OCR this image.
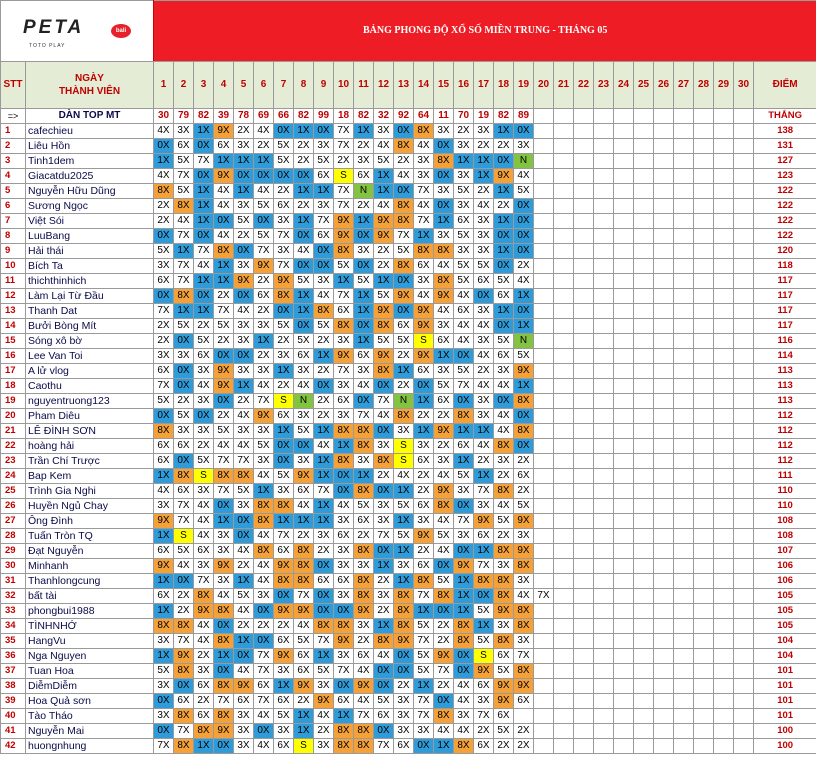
PETA bali
TOTO PLAY		BẢNG PHONG ĐỘ XỔ SỐ MIỀN TRUNG - THÁNG 05																														
STT	NGÀY
THÀNH VIÊN	1	2	3	4	5	6	7	8	9	10	11	12	13	14	15	16	17	18	19	20	21	22	23	24	25	26	27	28	29	30	ĐIỂM
=>	DÀN TOP MT	30	79	82	39	78	69	66	82	99	18	82	32	92	64	11	70	19	82	89												THẮNG
1	cafechieu	4X	3X	1X	9X	2X	4X	0X	1X	0X	7X	1X	3X	0X	8X	3X	2X	3X	1X	0X												138
2	Liêu Hồn	0X	6X	0X	6X	3X	2X	5X	2X	3X	7X	2X	4X	8X	4X	0X	3X	2X	2X	3X												131
3	Tinh1dem	1X	5X	7X	1X	1X	1X	5X	2X	5X	2X	3X	5X	2X	3X	8X	1X	1X	0X	N												127
4	Giacatdu2025	4X	7X	0X	9X	0X	0X	0X	0X	6X	S	6X	1X	4X	3X	0X	3X	1X	9X	4X												123
5	Nguyễn Hữu Dũng	8X	5X	1X	4X	1X	4X	2X	1X	1X	7X	N	1X	0X	7X	3X	5X	2X	1X	5X												122
6	Sương Ngọc	2X	8X	1X	4X	3X	5X	6X	2X	3X	7X	2X	4X	8X	4X	0X	3X	4X	2X	0X												122
7	Việt Sói	2X	4X	1X	0X	5X	0X	3X	1X	7X	9X	1X	9X	8X	7X	1X	6X	3X	1X	0X												122
8	LuuBang	0X	7X	0X	4X	2X	5X	7X	0X	6X	9X	0X	9X	7X	1X	3X	5X	3X	0X	0X												122
9	Hải thái	5X	1X	7X	8X	0X	7X	3X	4X	0X	8X	3X	2X	5X	8X	8X	3X	3X	1X	0X												120
10	Bích Ta	3X	7X	4X	1X	3X	9X	7X	0X	0X	5X	0X	2X	8X	6X	4X	5X	5X	0X	2X												118
11	thichthinhich	6X	7X	1X	1X	9X	2X	9X	5X	3X	1X	5X	1X	0X	3X	8X	5X	6X	5X	4X												117
12	Làm Lại Từ Đầu	0X	8X	0X	2X	0X	6X	8X	1X	4X	7X	1X	5X	9X	4X	9X	4X	0X	6X	1X												117
13	Thanh Dat	7X	1X	1X	7X	4X	2X	0X	1X	8X	6X	1X	9X	0X	9X	4X	6X	3X	1X	0X												117
14	Bưởi Bòng Mít	2X	5X	2X	5X	3X	3X	5X	0X	5X	8X	0X	8X	6X	9X	3X	4X	4X	0X	1X												117
15	Sóng xô bờ	2X	0X	5X	2X	3X	1X	2X	5X	2X	3X	1X	5X	5X	S	6X	4X	3X	5X	N												116
16	Lee Van Toi	3X	3X	6X	0X	0X	2X	3X	6X	1X	9X	6X	9X	2X	9X	1X	0X	4X	6X	5X												114
17	A lử vlog	6X	0X	3X	9X	3X	3X	1X	3X	2X	7X	3X	8X	1X	6X	3X	5X	2X	3X	9X												113
18	Caothu	7X	0X	4X	9X	1X	4X	2X	4X	0X	3X	4X	0X	2X	0X	5X	7X	4X	4X	1X												113
19	nguyentruong123	5X	2X	3X	0X	2X	7X	S	N	2X	6X	0X	7X	N	1X	6X	0X	3X	0X	8X												113
20	Pham Diêu	0X	5X	0X	2X	4X	9X	6X	3X	2X	3X	7X	4X	8X	2X	2X	8X	3X	4X	0X												112
21	LÊ ĐÌNH SƠN	8X	3X	3X	5X	3X	3X	1X	5X	1X	8X	8X	0X	3X	1X	9X	1X	1X	4X	8X												112
22	hoàng hải	6X	6X	2X	4X	4X	5X	0X	0X	4X	1X	8X	3X	S	3X	2X	6X	4X	8X	0X												112
23	Trần Chí Trược	6X	0X	5X	7X	7X	3X	0X	3X	1X	8X	3X	8X	S	6X	3X	1X	2X	3X	2X												112
24	Bap Kem	1X	8X	S	8X	8X	4X	5X	9X	1X	0X	1X	2X	4X	2X	4X	5X	1X	2X	6X												111
25	Trình Gia Nghi	4X	6X	3X	7X	5X	1X	3X	6X	7X	0X	8X	0X	1X	2X	9X	3X	7X	8X	2X												110
26	Huyền Ngủ Chay	3X	7X	4X	0X	3X	8X	8X	4X	1X	4X	5X	3X	5X	6X	8X	0X	3X	4X	5X												110
27	Ông Đình	9X	7X	4X	1X	0X	8X	1X	1X	1X	3X	6X	3X	1X	3X	4X	7X	9X	5X	9X												108
28	Tuấn Tròn TQ	1X	S	4X	3X	0X	4X	7X	2X	3X	6X	2X	7X	5X	9X	5X	3X	6X	2X	3X												108
29	Đạt Nguyễn	6X	5X	6X	3X	4X	8X	6X	8X	2X	3X	8X	0X	1X	2X	4X	0X	1X	8X	9X												107
30	Minhanh	9X	4X	3X	9X	2X	4X	9X	8X	0X	3X	3X	1X	3X	6X	0X	9X	7X	3X	8X												106
31	Thanhlongcung	1X	0X	7X	3X	1X	4X	8X	8X	6X	6X	8X	2X	1X	8X	5X	1X	8X	8X	3X												106
32	bất tài	6X	2X	8X	4X	5X	3X	0X	7X	0X	3X	8X	3X	8X	7X	8X	1X	0X	8X	4X	7X											105
33	phongbui1988	1X	2X	9X	8X	4X	0X	9X	9X	0X	0X	9X	2X	8X	1X	0X	1X	5X	9X	8X												105
34	TÌNHNHỚ	8X	8X	4X	0X	2X	2X	2X	4X	8X	8X	3X	1X	8X	5X	2X	8X	1X	3X	8X												105
35	HangVu	3X	7X	4X	8X	1X	0X	6X	5X	7X	9X	2X	8X	9X	7X	2X	8X	5X	8X	3X												104
36	Nga Nguyen	1X	9X	2X	1X	0X	7X	9X	6X	1X	3X	6X	4X	0X	5X	9X	0X	S	6X	7X												104
37	Tuan Hoa	5X	8X	3X	0X	4X	7X	3X	6X	5X	7X	4X	0X	0X	5X	7X	0X	9X	5X	8X												101
38	DiễmDiễm	3X	0X	6X	8X	9X	6X	1X	9X	3X	0X	9X	0X	2X	1X	2X	4X	6X	9X	9X												101
39	Hoa Quả sơn	0X	6X	2X	7X	6X	7X	6X	2X	9X	6X	4X	5X	3X	7X	0X	4X	3X	9X	6X												101
40	Tào Tháo	3X	8X	6X	8X	3X	4X	5X	1X	4X	1X	7X	6X	3X	7X	8X	3X	7X	6X													101
41	Nguyễn Mai	0X	7X	8X	9X	3X	0X	3X	1X	2X	8X	8X	0X	3X	3X	4X	4X	2X	5X	2X												100
42	huongnhung	7X	8X	1X	0X	3X	4X	6X	S	3X	8X	8X	7X	6X	0X	1X	8X	6X	2X	2X												100
